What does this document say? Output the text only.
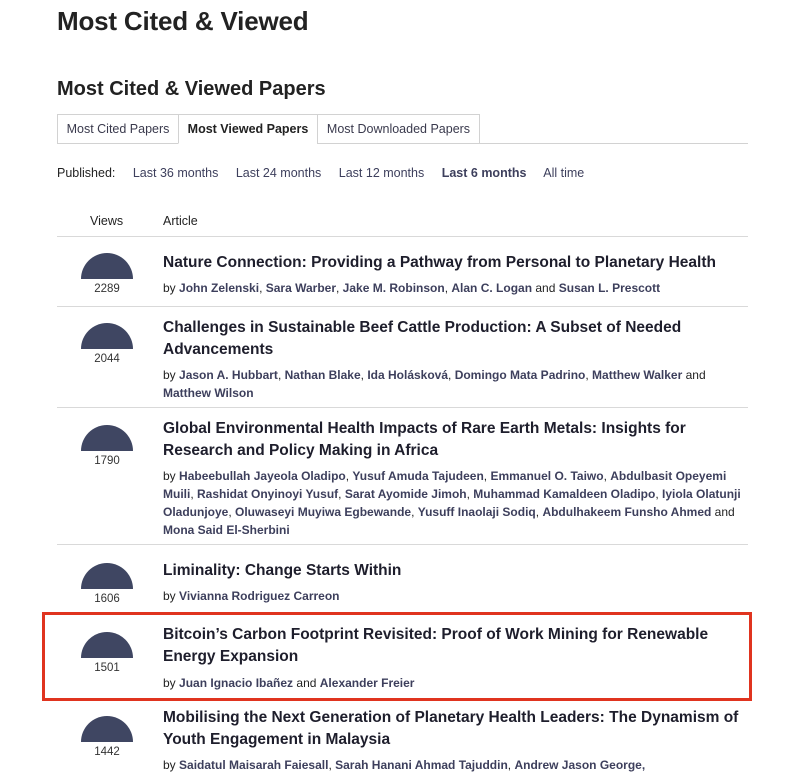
Most Cited & Viewed
Most Cited & Viewed Papers
Most Cited Papers	Most Viewed Papers	Most Downloaded Papers
Published: Last 36 months Last 24 months Last 12 months Last 6 months All time
Views	Article
2289
Nature Connection: Providing a Pathway from Personal to Planetary Health
by John Zelenski, Sara Warber, Jake M. Robinson, Alan C. Logan and Susan L. Prescott
2044
Challenges in Sustainable Beef Cattle Production: A Subset of Needed Advancements
by Jason A. Hubbart, Nathan Blake, Ida Holásková, Domingo Mata Padrino, Matthew Walker and Matthew Wilson
1790
Global Environmental Health Impacts of Rare Earth Metals: Insights for Research and Policy Making in Africa
by Habeebullah Jayeola Oladipo, Yusuf Amuda Tajudeen, Emmanuel O. Taiwo, Abdulbasit Opeyemi Muili, Rashidat Onyinoyi Yusuf, Sarat Ayomide Jimoh, Muhammad Kamaldeen Oladipo, Iyiola Olatunji Oladunjoye, Oluwaseyi Muyiwa Egbewande, Yusuff Inaolaji Sodiq, Abdulhakeem Funsho Ahmed and Mona Said El-Sherbini
1606
Liminality: Change Starts Within
by Vivianna Rodriguez Carreon
1501
Bitcoin’s Carbon Footprint Revisited: Proof of Work Mining for Renewable Energy Expansion
by Juan Ignacio Ibañez and Alexander Freier
1442
Mobilising the Next Generation of Planetary Health Leaders: The Dynamism of Youth Engagement in Malaysia
by Saidatul Maisarah Faiesall, Sarah Hanani Ahmad Tajuddin, Andrew Jason George,
